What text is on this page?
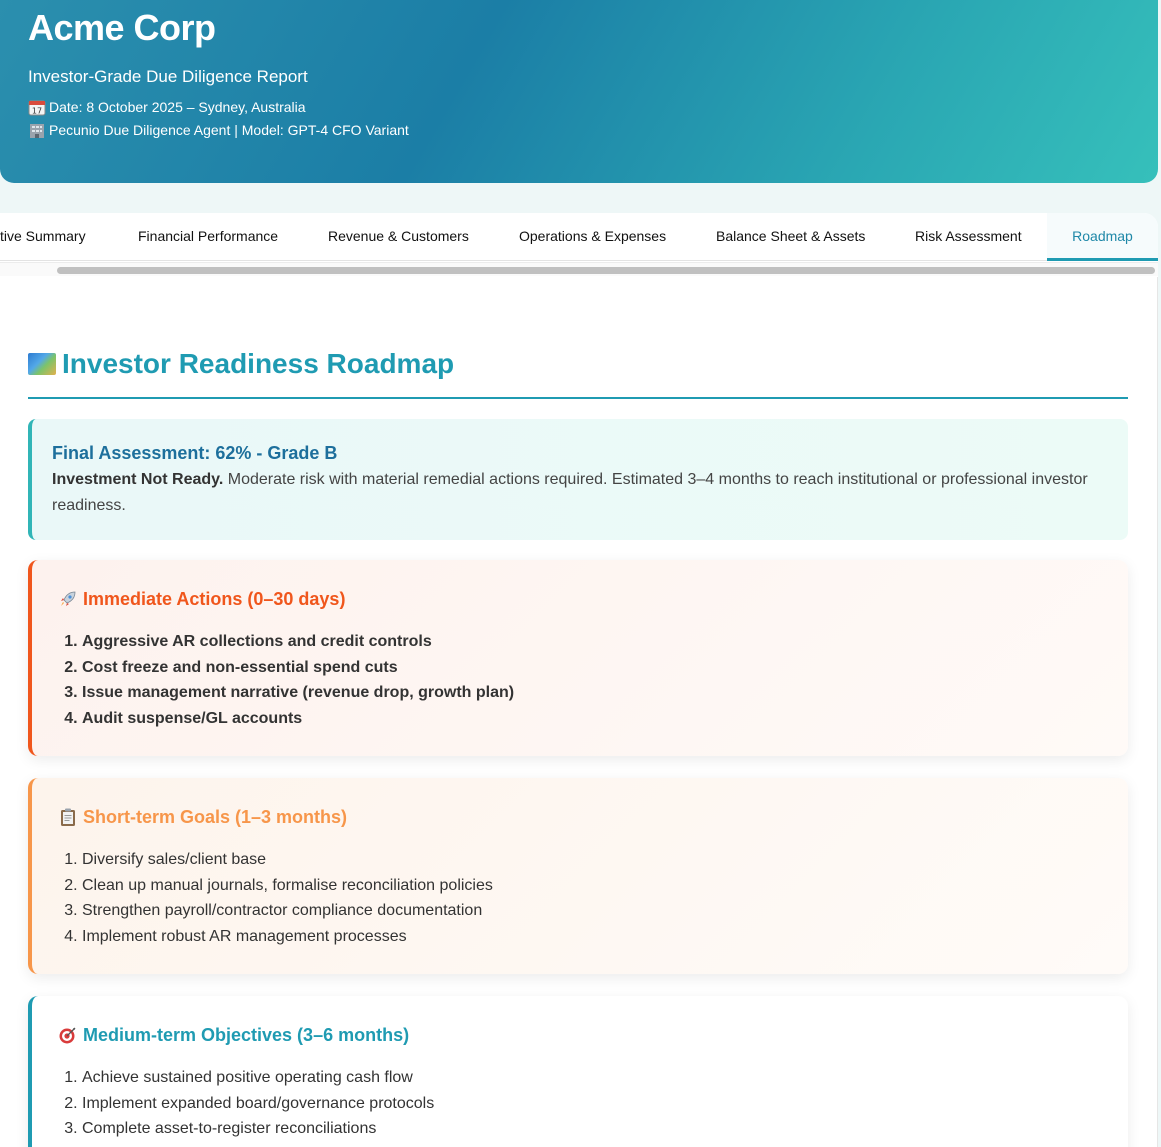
Acme Corp
Investor-Grade Due Diligence Report
17 Date: 8 October 2025 – Sydney, Australia
Pecunio Due Diligence Agent | Model: GPT-4 CFO Variant
tive Summary	Financial Performance	Revenue & Customers	Operations & Expenses	Balance Sheet & Assets	Risk Assessment	Roadmap
Investor Readiness Roadmap
Final Assessment: 62% - Grade B
Investment Not Ready. Moderate risk with material remedial actions required. Estimated 3–4 months to reach institutional or professional investor readiness.
Immediate Actions (0–30 days)
1. Aggressive AR collections and credit controls
2. Cost freeze and non-essential spend cuts
3. Issue management narrative (revenue drop, growth plan)
4. Audit suspense/GL accounts
Short-term Goals (1–3 months)
1. Diversify sales/client base
2. Clean up manual journals, formalise reconciliation policies
3. Strengthen payroll/contractor compliance documentation
4. Implement robust AR management processes
Medium-term Objectives (3–6 months)
1. Achieve sustained positive operating cash flow
2. Implement expanded board/governance protocols
3. Complete asset-to-register reconciliations
